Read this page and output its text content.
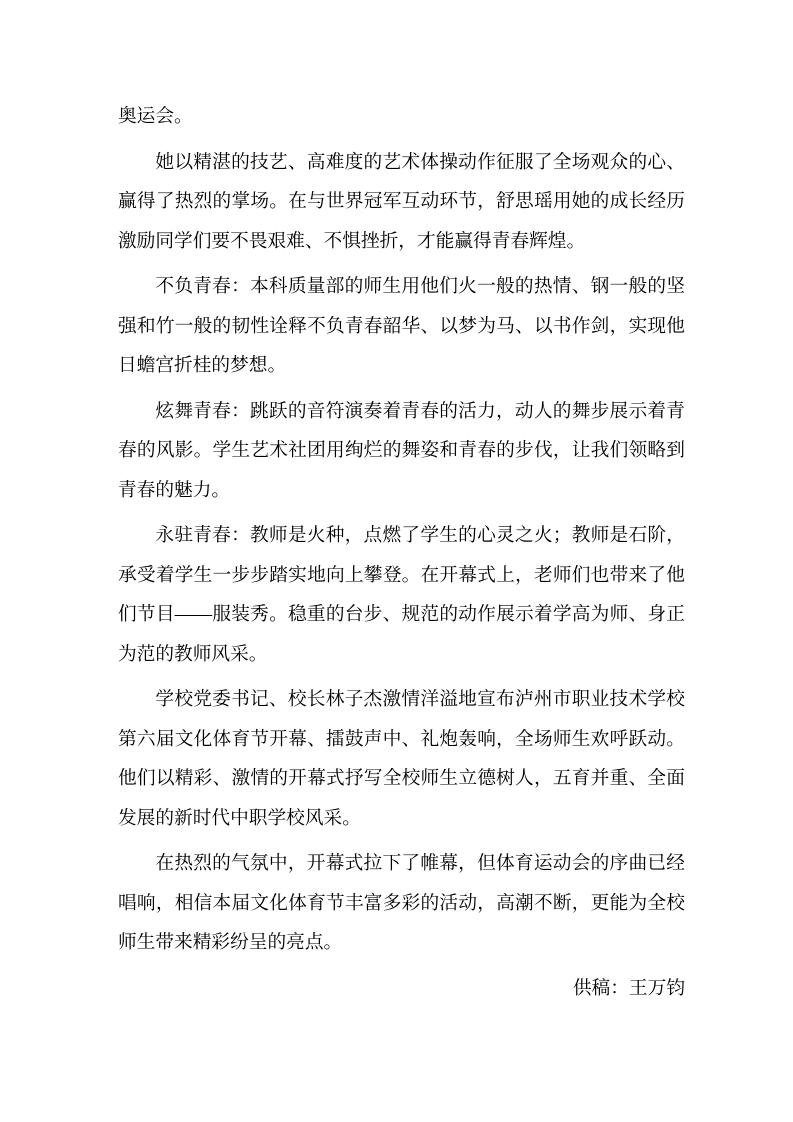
奥运会。

她以精湛的技艺、高难度的艺术体操动作征服了全场观众的心、赢得了热烈的掌场。在与世界冠军互动环节，舒思瑶用她的成长经历激励同学们要不畏艰难、不惧挫折，才能赢得青春辉煌。

不负青春：本科质量部的师生用他们火一般的热情、钢一般的坚强和竹一般的韧性诠释不负青春韶华、以梦为马、以书作剑，实现他日蟾宫折桂的梦想。

炫舞青春：跳跃的音符演奏着青春的活力，动人的舞步展示着青春的风影。学生艺术社团用绚烂的舞姿和青春的步伐，让我们领略到青春的魅力。

永驻青春：教师是火种，点燃了学生的心灵之火；教师是石阶，承受着学生一步步踏实地向上攀登。在开幕式上，老师们也带来了他们节目——服装秀。稳重的台步、规范的动作展示着学高为师、身正为范的教师风采。

学校党委书记、校长林子杰激情洋溢地宣布泸州市职业技术学校第六届文化体育节开幕、擂鼓声中、礼炮轰响，全场师生欢呼跃动。他们以精彩、激情的开幕式抒写全校师生立德树人，五育并重、全面发展的新时代中职学校风采。

在热烈的气氛中，开幕式拉下了帷幕，但体育运动会的序曲已经唱响，相信本届文化体育节丰富多彩的活动，高潮不断，更能为全校师生带来精彩纷呈的亮点。

供稿：王万钧
